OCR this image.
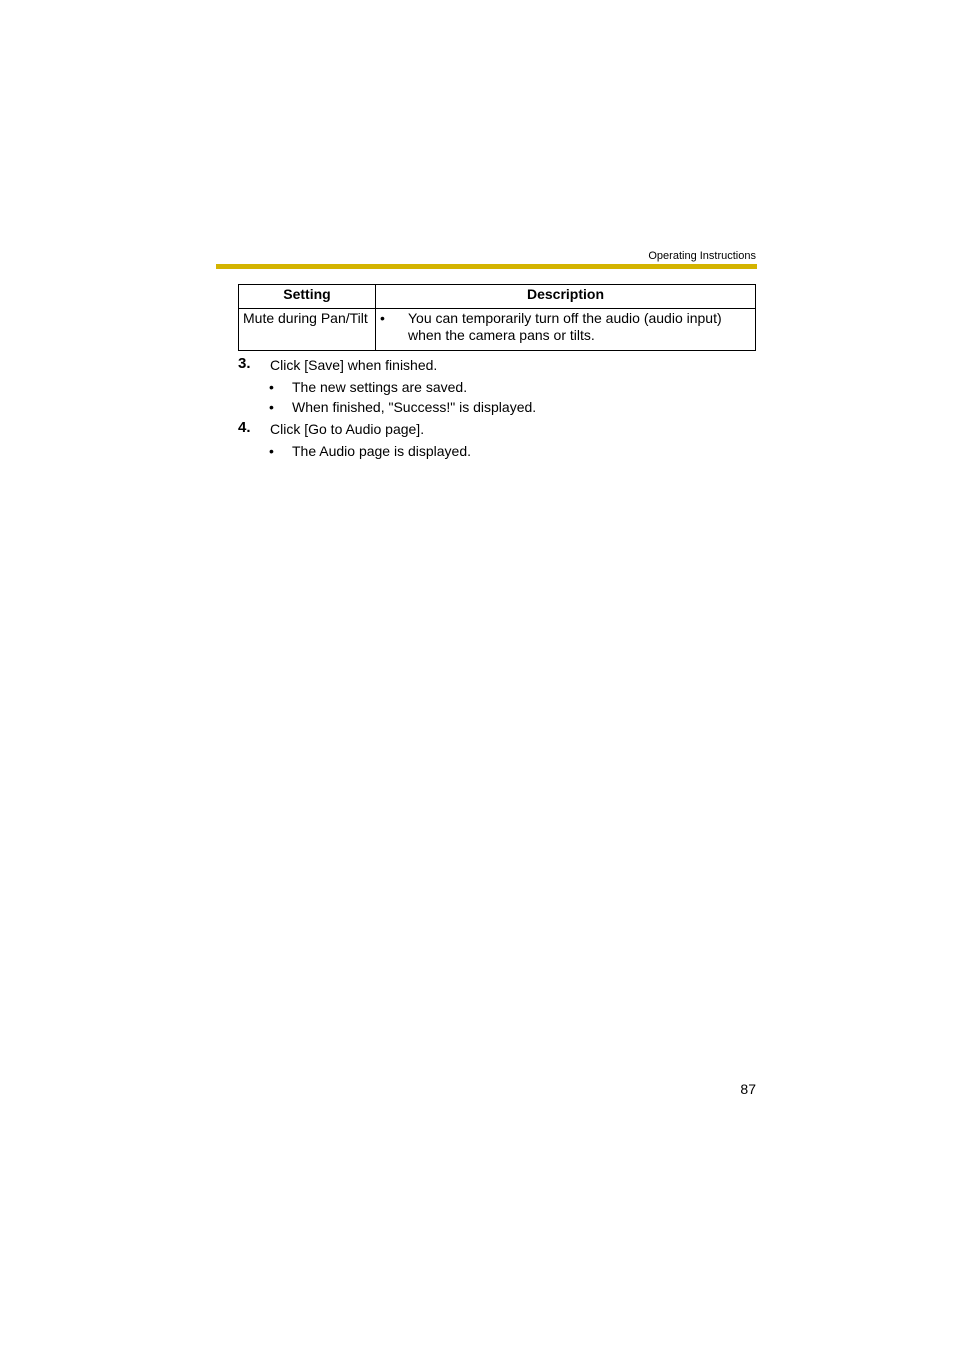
Operating Instructions
Setting	Description
Mute during Pan/Tilt	• You can temporarily turn off the audio (audio input) when the camera pans or tilts.
3. Click [Save] when finished.
• The new settings are saved.
• When finished, "Success!" is displayed.
4. Click [Go to Audio page].
• The Audio page is displayed.
87
